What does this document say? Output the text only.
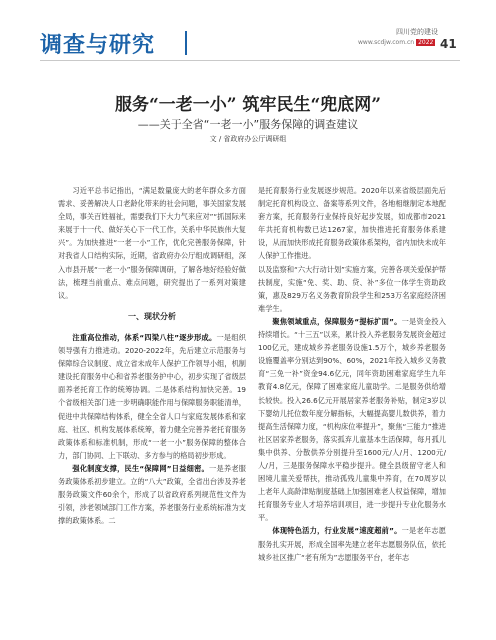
调查与研究
四川党的建设
www.scdjw.com.cn 2022 41
服务“一老一小” 筑牢民生“兜底网”
——关于全省“一老一小”服务保障的调查建议
文 / 省政府办公厅调研组

习近平总书记指出，“满足数量庞大的老年群众多方面需求、妥善解决人口老龄化带来的社会问题，事关国家发展全局，事关百姓福祉，需要我们下大力气来应对”“抓国际来来展于十一代、做好关心下一代工作，关系中华民族伟大复兴”。为加快推进“一老一小”工作，优化完善服务保障，针对我省人口结构实际，近期，省政府办公厅组成调研组，深入市县开展“一老一小”服务保障调研，了解各地好经验好做法，梳理当前重点、难点问题，研究提出了一系列对策建议。

一、现状分析

注重高位推动，体系“四梁八柱”逐步形成。一是组织领导强有力推进动。2020-2022年，先后建立示范服务与保障综合议制度、成立省未成年人保护工作领导小组，机制建设托育服务中心和省养老服务护中心，初步实现了省级层面养老托育工作的统筹协调。二是体系结构加快完善。19个省级相关部门进一步明确职能作用与保障服务职能清单，促进中共保障结构体系，健全全省人口与家庭发展体系和家庭、社区、机构发展体系统筹，着力健全完善养老托育服务政策体系和标准机制，形成“一老一小”服务保障的整体合力，部门协同、上下联动、多方参与的格局初步形成。

强化制度支撑，民生“保障网”日益细密。一是养老服务政策体系初步建立。立的“八大”政策，全省出台涉及养老服务政策文件60余个，形成了以省政府系列规范性文件为引领，涉老领域部门工作方案，养老服务行业系统标准为支撑的政策体系。二

是托育服务行业发展逐步规范。2020年以来省级层面先后制定托育机构设立、备案等系列文件，各地相继制定本地配套方案，托育服务行业保持良好起步发展，如成都市2021年共托育机构数已达1267家，加快推进托育服务体系建设，从而加快形成托育服务政策体系架构，省内加快未成年人保护工作推进。

以及监察和“六大行动计划”实施方案，完善各项关爱保护帮扶制度，实施“免、奖、助、贷、补”多位一体学生资助政策，惠及829万名义务教育阶段学生和253万名家庭经济困难学生。

聚焦领域重点，保障服务“提标扩面”。一是资金投入持续增长。“十三五”以来，累计投入养老服务发展资金超过100亿元，建成城乡养老服务设施1.5万个，城乡养老服务设施覆盖率分别达到90%、60%，2021年投入城乡义务教育“三免一补”资金94.6亿元，同年资助困难家庭学生九年教育4.8亿元，保障了困难家庭儿童助学。二是服务供给增长较快。投入26.6亿元开展居家养老服务补贴，制定3岁以下婴幼儿托位数年度分解指标，大幅提高婴儿数供养，着力提高生活保障力度，“机构床位率提升”，聚焦“三能力”推进社区居家养老服务，落实孤弃儿童基本生活保障，每月孤儿集中供养、分散供养分别提升至1600元/人/月、1200元/人/月，三是服务保障水平稳步提升。健全县级留守老人和困境儿童关爱帮扶，推动孤残儿童集中养育，在70周岁以上老年人高龄津贴制度基础上加强困难老人权益保障，增加托育服务专业人才培养培训项目，进一步提升专业化服务水平。

体现特色活力，行业发展“速度超前”。一是老年志愿服务扎实开展，形成全国率先建立老年志愿服务队伍，依托城乡社区推广“老有所为”志愿服务平台，老年志
